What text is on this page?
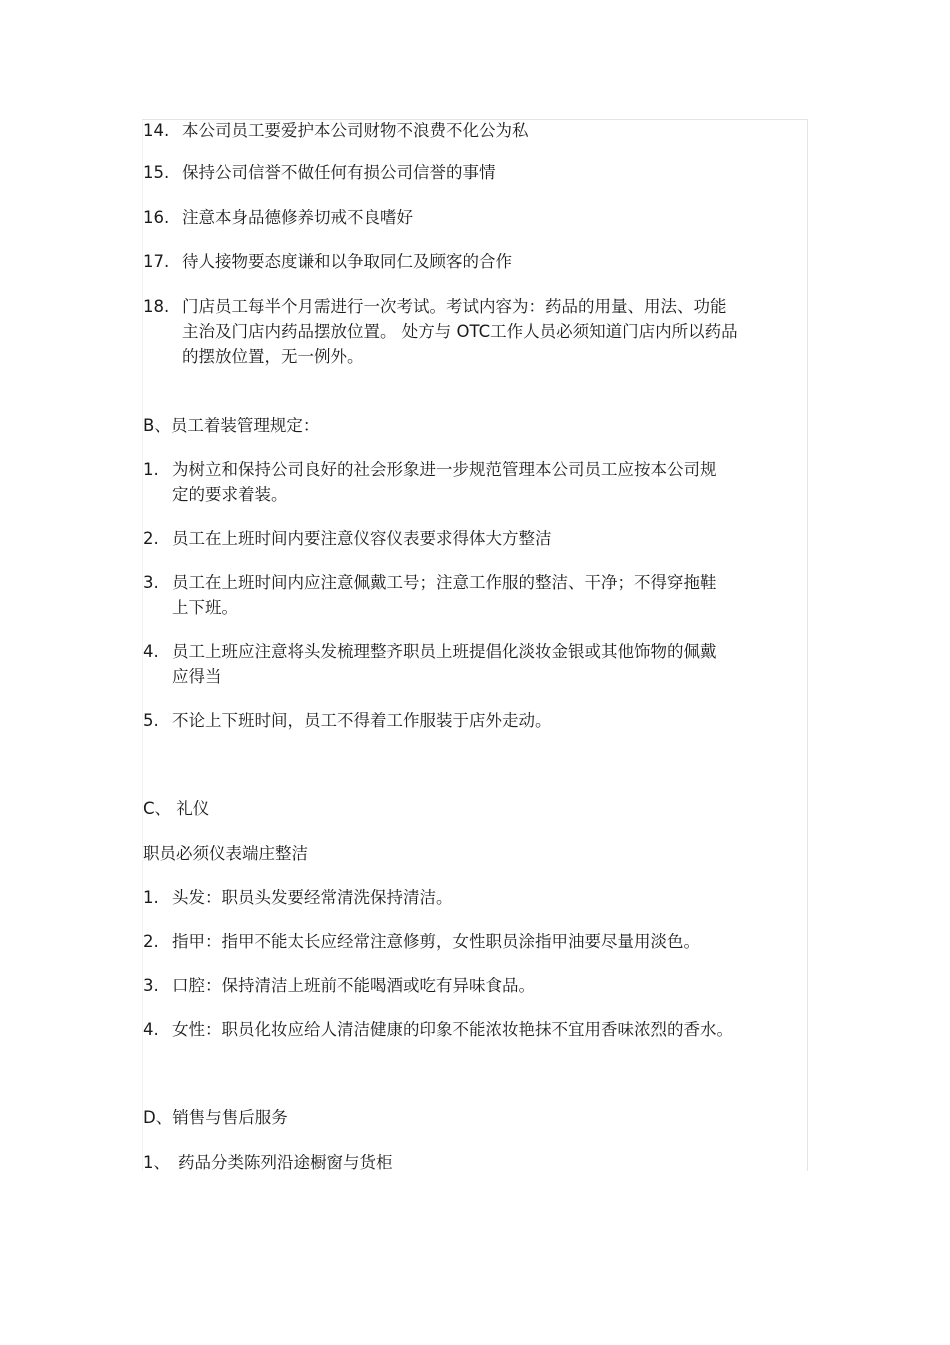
14. 本公司员工要爱护本公司财物不浪费不化公为私
15. 保持公司信誉不做任何有损公司信誉的事情
16. 注意本身品德修养切戒不良嗜好
17. 待人接物要态度谦和以争取同仁及顾客的合作
18. 门店员工每半个月需进行一次考试。考试内容为：药品的用量、用法、功能
主治及门店内药品摆放位置。 处方与 OTC工作人员必须知道门店内所以药品
的摆放位置，无一例外。
B、员工着装管理规定：
1. 为树立和保持公司良好的社会形象进一步规范管理本公司员工应按本公司规
定的要求着装。
2. 员工在上班时间内要注意仪容仪表要求得体大方整洁
3. 员工在上班时间内应注意佩戴工号；注意工作服的整洁、干净；不得穿拖鞋
上下班。
4. 员工上班应注意将头发梳理整齐职员上班提倡化淡妆金银或其他饰物的佩戴
应得当
5. 不论上下班时间，员工不得着工作服装于店外走动。
C、 礼仪
职员必须仪表端庄整洁
1. 头发：职员头发要经常清洗保持清洁。
2. 指甲：指甲不能太长应经常注意修剪，女性职员涂指甲油要尽量用淡色。
3. 口腔：保持清洁上班前不能喝酒或吃有异味食品。
4. 女性：职员化妆应给人清洁健康的印象不能浓妆艳抹不宜用香味浓烈的香水。
D、销售与售后服务
1、 药品分类陈列沿途橱窗与货柜
